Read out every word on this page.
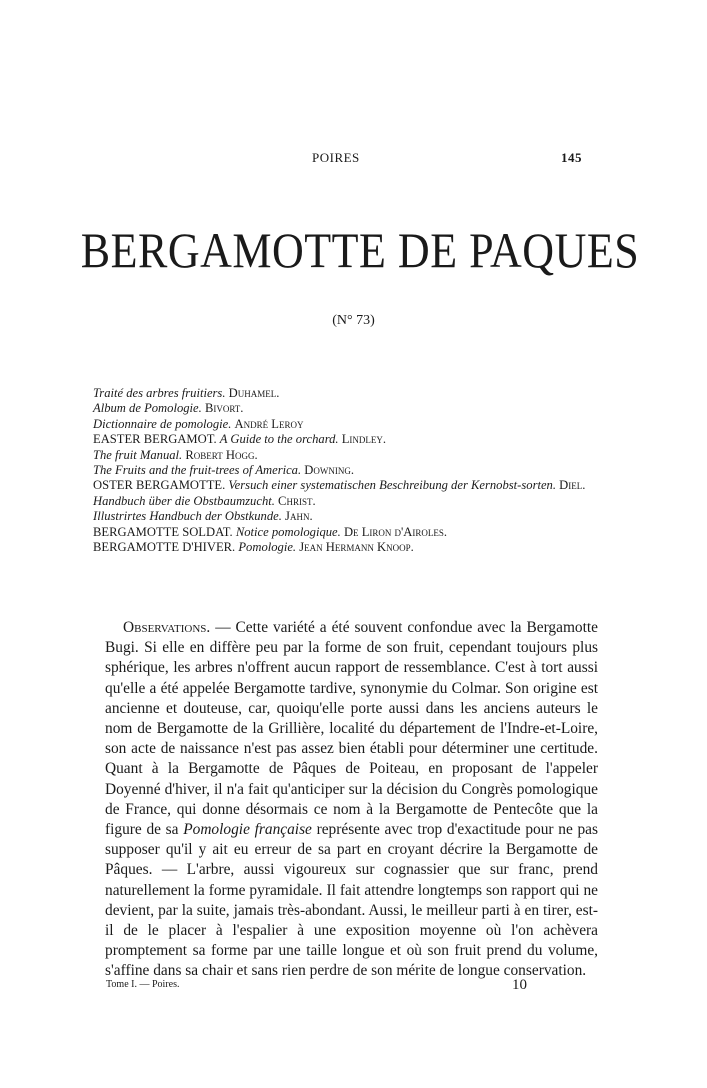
POIRES	145
BERGAMOTTE DE PAQUES
(N° 73)

Traité des arbres fruitiers. Duhamel.

Album de Pomologie. Bivort.

Dictionnaire de pomologie. André Leroy

EASTER BERGAMOT. A Guide to the orchard. Lindley.

The fruit Manual. Robert Hogg.

The Fruits and the fruit-trees of America. Downing.

OSTER BERGAMOTTE. Versuch einer systematischen Beschreibung der Kernobst-sorten. Diel.

Handbuch über die Obstbaumzucht. Christ.

Illustrirtes Handbuch der Obstkunde. Jahn.

BERGAMOTTE SOLDAT. Notice pomologique. De Liron d'Airoles.

BERGAMOTTE D'HIVER. Pomologie. Jean Hermann Knoop.

Observations. — Cette variété a été souvent confondue avec la Bergamotte Bugi. Si elle en diffère peu par la forme de son fruit, cependant toujours plus sphérique, les arbres n'offrent aucun rapport de ressemblance. C'est à tort aussi qu'elle a été appelée Bergamotte tardive, synonymie du Colmar. Son origine est ancienne et douteuse, car, quoiqu'elle porte aussi dans les anciens auteurs le nom de Bergamotte de la Grillière, localité du département de l'Indre-et-Loire, son acte de naissance n'est pas assez bien établi pour déterminer une certitude. Quant à la Bergamotte de Pâques de Poiteau, en proposant de l'appeler Doyenné d'hiver, il n'a fait qu'anticiper sur la décision du Congrès pomologique de France, qui donne désormais ce nom à la Bergamotte de Pentecôte que la figure de sa Pomologie française représente avec trop d'exactitude pour ne pas supposer qu'il y ait eu erreur de sa part en croyant décrire la Bergamotte de Pâques. — L'arbre, aussi vigoureux sur cognassier que sur franc, prend naturellement la forme pyramidale. Il fait attendre longtemps son rapport qui ne devient, par la suite, jamais très-abondant. Aussi, le meilleur parti à en tirer, est-il de le placer à l'espalier à une exposition moyenne où l'on achèvera promptement sa forme par une taille longue et où son fruit prend du volume, s'affine dans sa chair et sans rien perdre de son mérite de longue conservation.

Tome I. — Poires.	10
